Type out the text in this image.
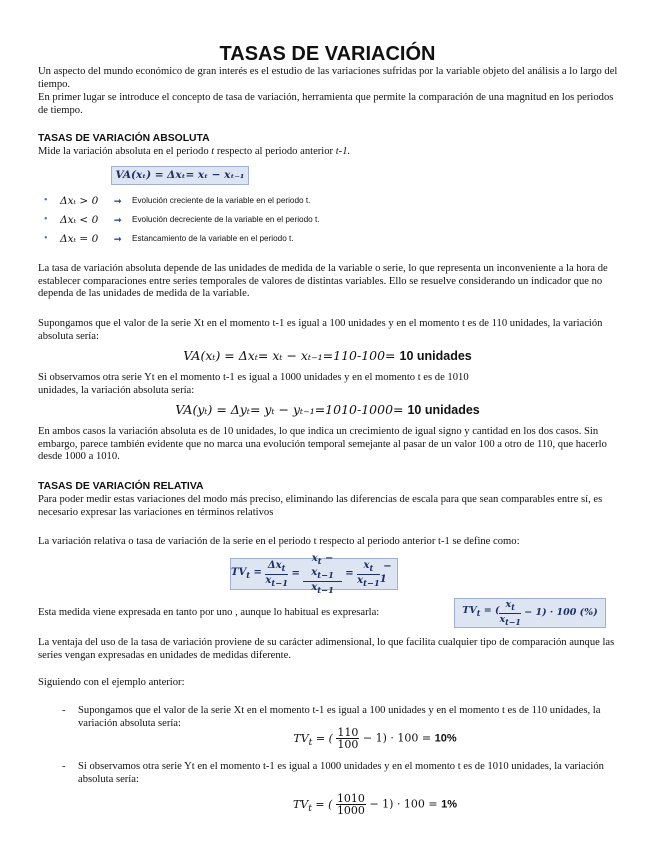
TASAS DE VARIACIÓN
Un aspecto del mundo económico de gran interés es el estudio de las variaciones sufridas por la variable objeto del análisis a lo largo del tiempo.
En primer lugar se introduce el concepto de tasa de variación, herramienta que permite la comparación de una magnitud en los periodos de tiempo.
TASAS DE VARIACIÓN ABSOLUTA
Mide la variación absoluta en el periodo t respecto al periodo anterior t-1.
VA(xₜ) = Δxₜ= xₜ − xₜ₋₁
•	Δxₜ > 0	➞	Evolución creciente de la variable en el periodo t.
•	Δxₜ < 0	➞	Evolución decreciente de la variable en el periodo t.
•	Δxₜ = 0	➞	Estancamiento de la variable en el periodo t.
La tasa de variación absoluta depende de las unidades de medida de la variable o serie, lo que representa un inconveniente a la hora de establecer comparaciones entre series temporales de valores de distintas variables. Ello se resuelve considerando un indicador que no dependa de las unidades de medida de la variable.
Supongamos que el valor de la serie Xt en el momento t-1 es igual a 100 unidades y en el momento t es de 110 unidades, la variación absoluta sería:
VA(xₜ) = Δxₜ= xₜ − xₜ₋₁=110-100= 10 unidades
Si observamos otra serie Yt en el momento t-1 es igual a 1000 unidades y en el momento t es de 1010 unidades, la variación absoluta sería:
VA(yₜ) = Δyₜ= yₜ − yₜ₋₁=1010-1000= 10 unidades
En ambos casos la variación absoluta es de 10 unidades, lo que indica un crecimiento de igual signo y cantidad en los dos casos. Sin embargo, parece también evidente que no marca una evolución temporal semejante al pasar de un valor 100 a otro de 110, que hacerlo desde 1000 a 1010.
TASAS DE VARIACIÓN RELATIVA
Para poder medir estas variaciones del modo más preciso, eliminando las diferencias de escala para que sean comparables entre sí, es necesario expresar las variaciones en términos relativos
La variación relativa o tasa de variación de la serie en el periodo t respecto al periodo anterior t-1 se define como:
$TV_t = \frac{\Delta x_t}{x_{t-1}} = \frac{x_t - x_{t-1}}{x_{t-1}} = \frac{x_t}{x_{t-1}} - 1$
Esta medida viene expresada en tanto por uno , aunque lo habitual es expresarla:	$TV_t$ = ( $\frac{x_t}{x_{t-1}} - 1) \cdot 100$ (%)
La ventaja del uso de la tasa de variación proviene de su carácter adimensional, lo que facilita cualquier tipo de comparación aunque las series vengan expresadas en unidades de medidas diferente.
Siguiendo con el ejemplo anterior:
- Supongamos que el valor de la serie Xt en el momento t-1 es igual a 100 unidades y en el momento t es de 110 unidades, la variación absoluta sería:
$TV_t$ = ( $\frac{110}{100} - 1) \cdot 100 = 10\%$
- Si observamos otra serie Yt en el momento t-1 es igual a 1000 unidades y en el momento t es de 1010 unidades, la variación absoluta sería:
$TV_t$ = ( $\frac{1010}{1000} - 1) \cdot 100 = 1\%$
